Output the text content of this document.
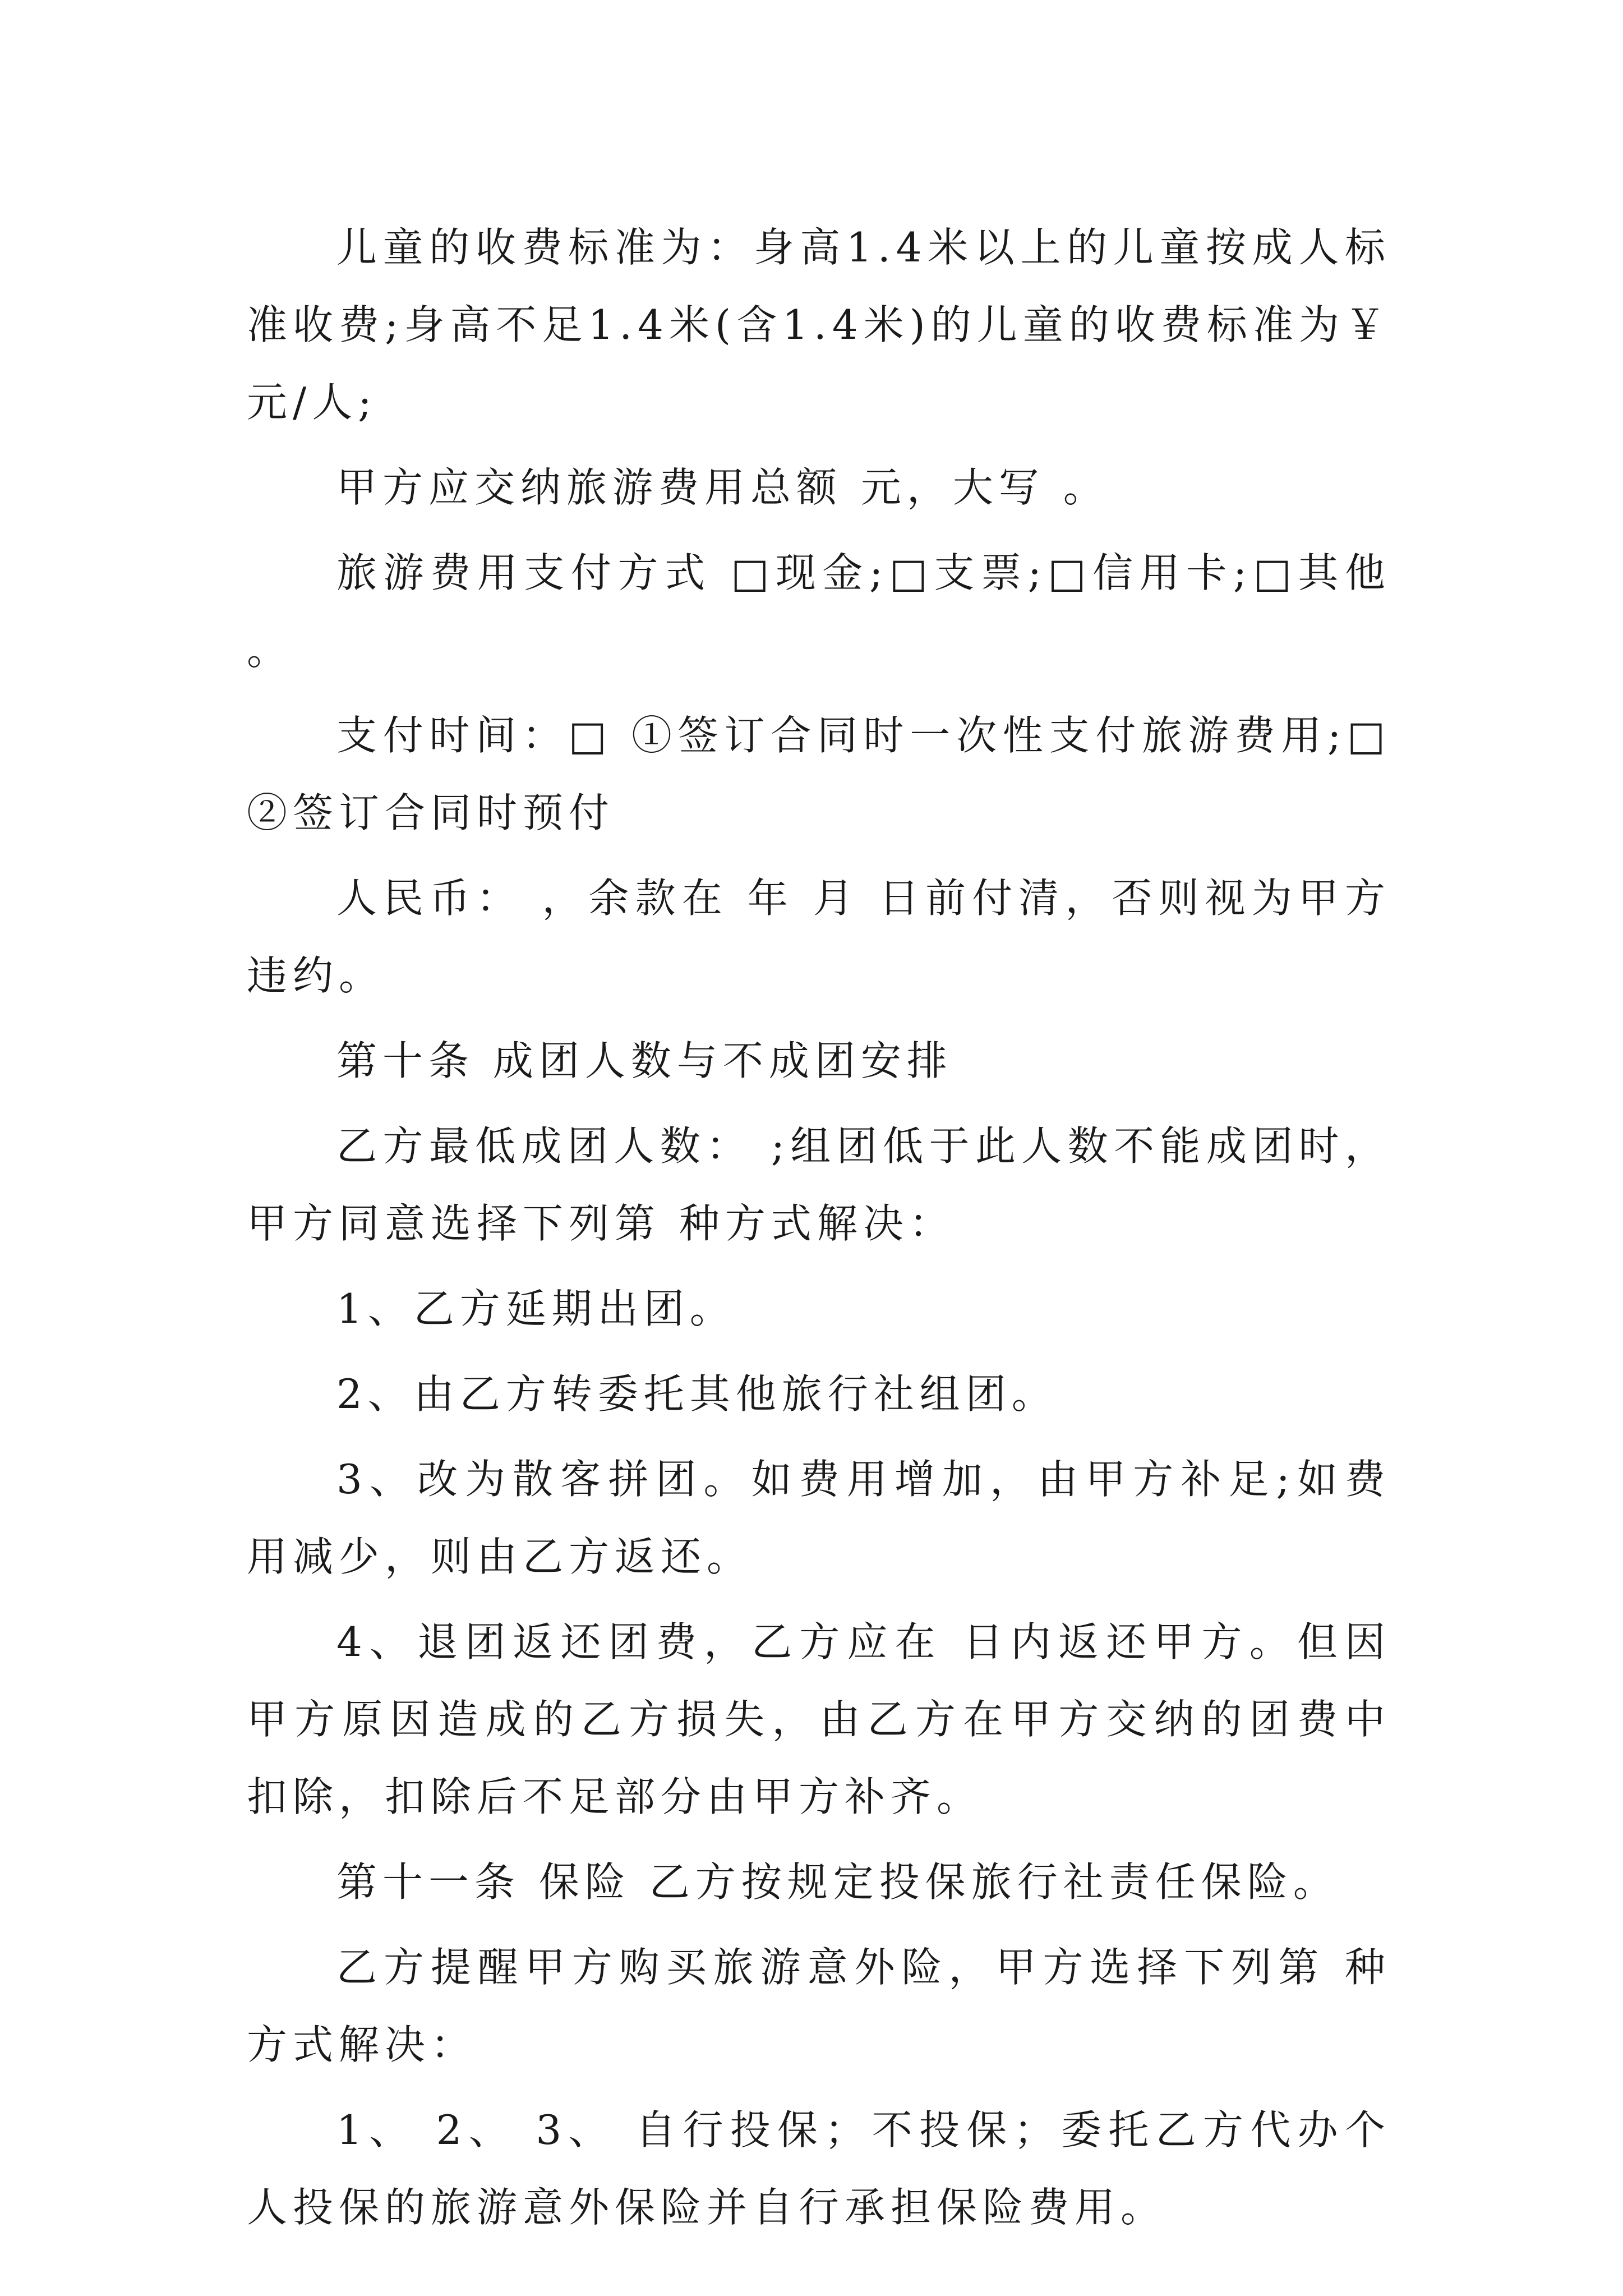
儿童的收费标准为：身高1.4米以上的儿童按成人标准收费;身高不足1.4米(含1.4米)的儿童的收费标准为￥ 元/人;

甲方应交纳旅游费用总额 元，大写 。

旅游费用支付方式 □现金;□支票;□信用卡;□其他 。

支付时间：□ ①签订合同时一次性支付旅游费用;□②签订合同时预付

人民币： ，余款在 年 月 日前付清，否则视为甲方违约。

第十条 成团人数与不成团安排

乙方最低成团人数： ;组团低于此人数不能成团时，甲方同意选择下列第 种方式解决：

1、乙方延期出团。

2、由乙方转委托其他旅行社组团。

3、改为散客拼团。如费用增加，由甲方补足;如费用减少，则由乙方返还。

4、退团返还团费，乙方应在 日内返还甲方。但因甲方原因造成的乙方损失，由乙方在甲方交纳的团费中扣除，扣除后不足部分由甲方补齐。

第十一条 保险 乙方按规定投保旅行社责任保险。

乙方提醒甲方购买旅游意外险，甲方选择下列第 种方式解决：

1、 2、 3、 自行投保；不投保；委托乙方代办个人投保的旅游意外保险并自行承担保险费用。
